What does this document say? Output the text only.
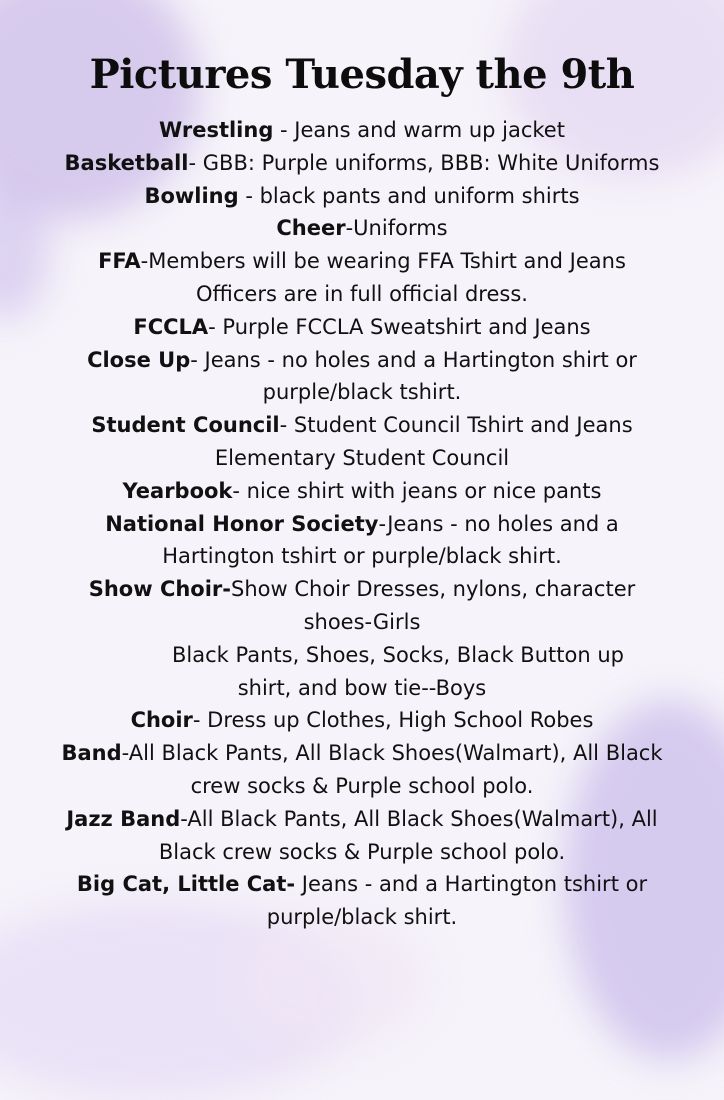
Pictures Tuesday the 9th
Wrestling - Jeans and warm up jacket
Basketball- GBB: Purple uniforms, BBB: White Uniforms
Bowling - black pants and uniform shirts
Cheer-Uniforms
FFA-Members will be wearing FFA Tshirt and Jeans
Officers are in full official dress.
FCCLA- Purple FCCLA Sweatshirt and Jeans
Close Up- Jeans - no holes and a Hartington shirt or
purple/black tshirt.
Student Council- Student Council Tshirt and Jeans
Elementary Student Council
Yearbook- nice shirt with jeans or nice pants
National Honor Society-Jeans - no holes and a
Hartington tshirt or purple/black shirt.
Show Choir-Show Choir Dresses, nylons, character
shoes-Girls
Black Pants, Shoes, Socks, Black Button up
shirt, and bow tie--Boys
Choir- Dress up Clothes, High School Robes
Band-All Black Pants, All Black Shoes(Walmart), All Black
crew socks & Purple school polo.
Jazz Band-All Black Pants, All Black Shoes(Walmart), All
Black crew socks & Purple school polo.
Big Cat, Little Cat- Jeans - and a Hartington tshirt or
purple/black shirt.
